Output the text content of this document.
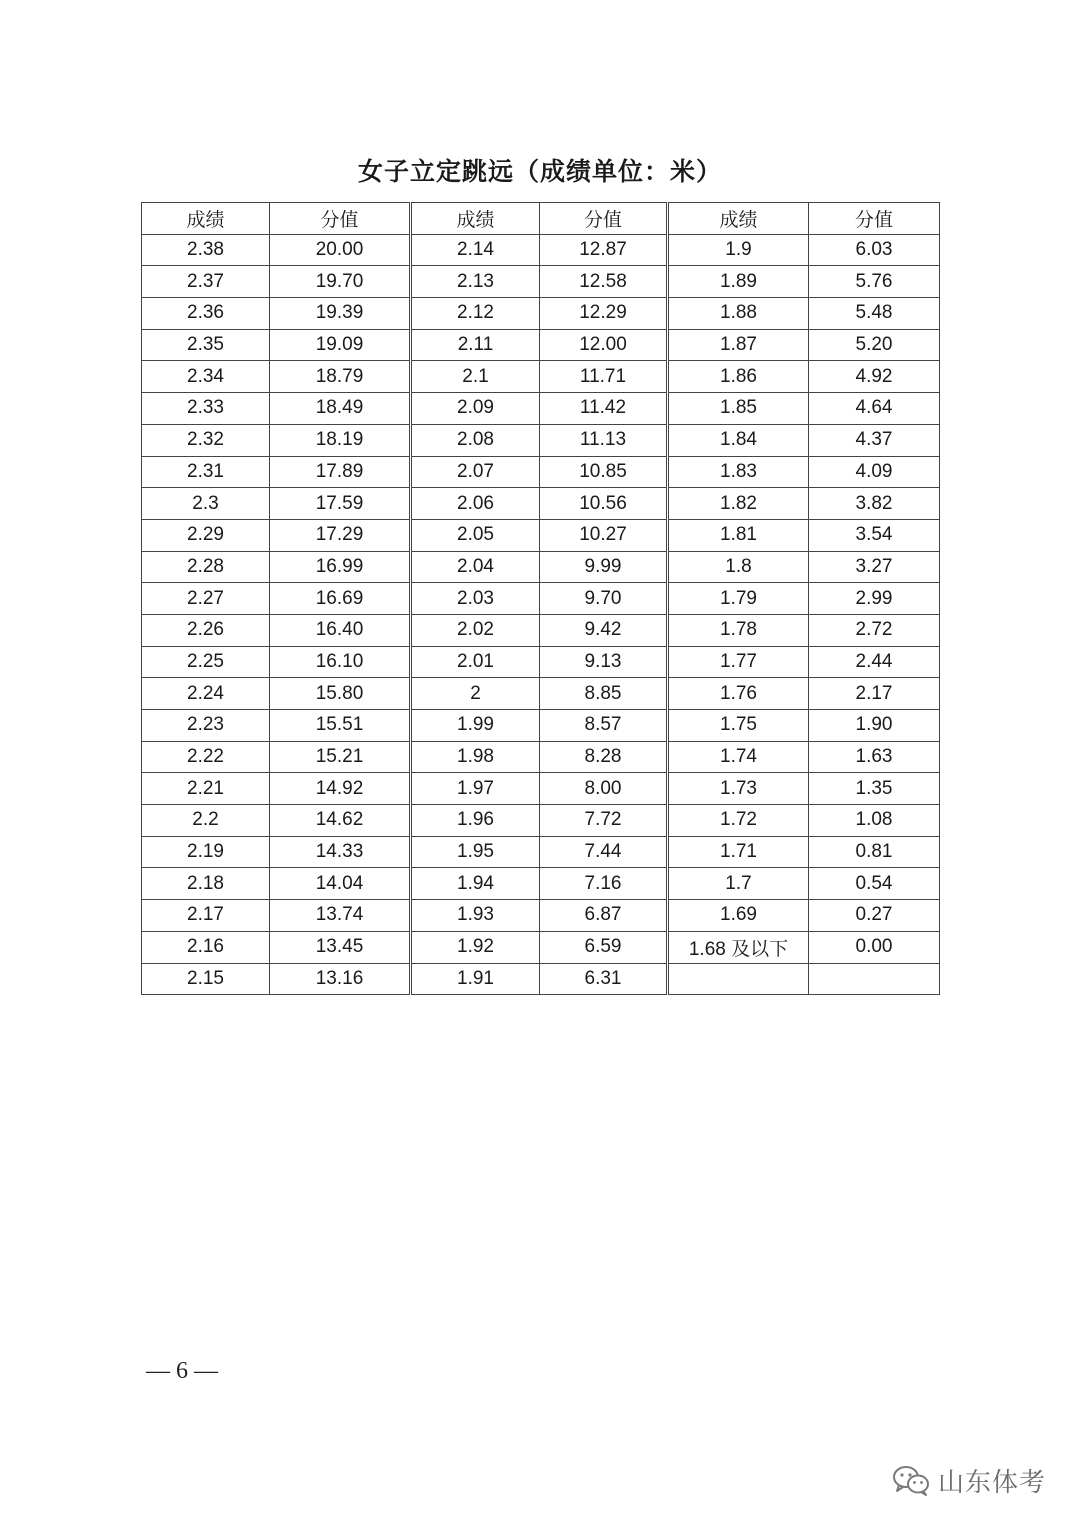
女子立定跳远（成绩单位：米）
成绩	分值	成绩	分值	成绩	分值
2.38	20.00	2.14	12.87	1.9	6.03
2.37	19.70	2.13	12.58	1.89	5.76
2.36	19.39	2.12	12.29	1.88	5.48
2.35	19.09	2.11	12.00	1.87	5.20
2.34	18.79	2.1	11.71	1.86	4.92
2.33	18.49	2.09	11.42	1.85	4.64
2.32	18.19	2.08	11.13	1.84	4.37
2.31	17.89	2.07	10.85	1.83	4.09
2.3	17.59	2.06	10.56	1.82	3.82
2.29	17.29	2.05	10.27	1.81	3.54
2.28	16.99	2.04	9.99	1.8	3.27
2.27	16.69	2.03	9.70	1.79	2.99
2.26	16.40	2.02	9.42	1.78	2.72
2.25	16.10	2.01	9.13	1.77	2.44
2.24	15.80	2	8.85	1.76	2.17
2.23	15.51	1.99	8.57	1.75	1.90
2.22	15.21	1.98	8.28	1.74	1.63
2.21	14.92	1.97	8.00	1.73	1.35
2.2	14.62	1.96	7.72	1.72	1.08
2.19	14.33	1.95	7.44	1.71	0.81
2.18	14.04	1.94	7.16	1.7	0.54
2.17	13.74	1.93	6.87	1.69	0.27
2.16	13.45	1.92	6.59	1.68 及以下	0.00
2.15	13.16	1.91	6.31		
— 6 —
山东体考
